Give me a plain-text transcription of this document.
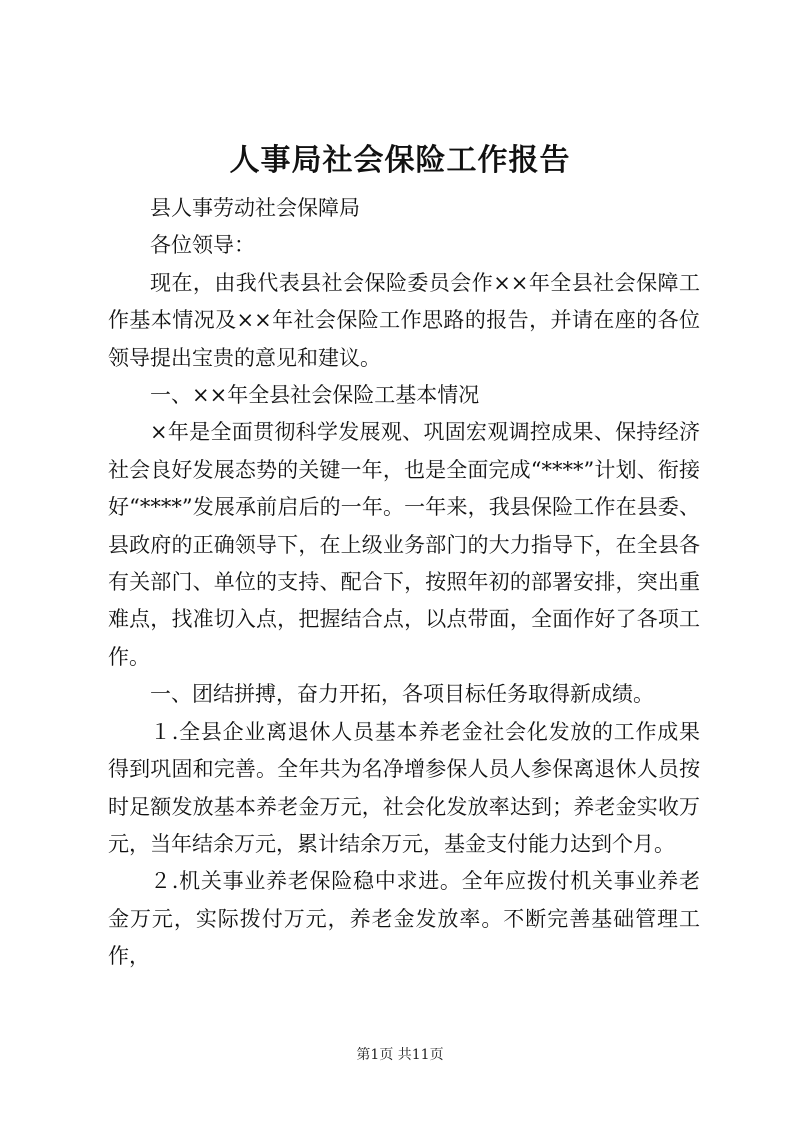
人事局社会保险工作报告

县人事劳动社会保障局

各位领导：

现在，由我代表县社会保险委员会作××年全县社会保障工作基本情况及××年社会保险工作思路的报告，并请在座的各位领导提出宝贵的意见和建议。

一、××年全县社会保险工基本情况

×年是全面贯彻科学发展观、巩固宏观调控成果、保持经济社会良好发展态势的关键一年，也是全面完成“****”计划、衔接好“****”发展承前启后的一年。一年来，我县保险工作在县委、县政府的正确领导下，在上级业务部门的大力指导下，在全县各有关部门、单位的支持、配合下，按照年初的部署安排，突出重难点，找准切入点，把握结合点，以点带面，全面作好了各项工作。

一、团结拼搏，奋力开拓，各项目标任务取得新成绩。

１.全县企业离退休人员基本养老金社会化发放的工作成果得到巩固和完善。全年共为名净增参保人员人参保离退休人员按时足额发放基本养老金万元，社会化发放率达到；养老金实收万元，当年结余万元，累计结余万元，基金支付能力达到个月。

２.机关事业养老保险稳中求进。全年应拨付机关事业养老金万元，实际拨付万元，养老金发放率。不断完善基础管理工作，

第1页 共11页
